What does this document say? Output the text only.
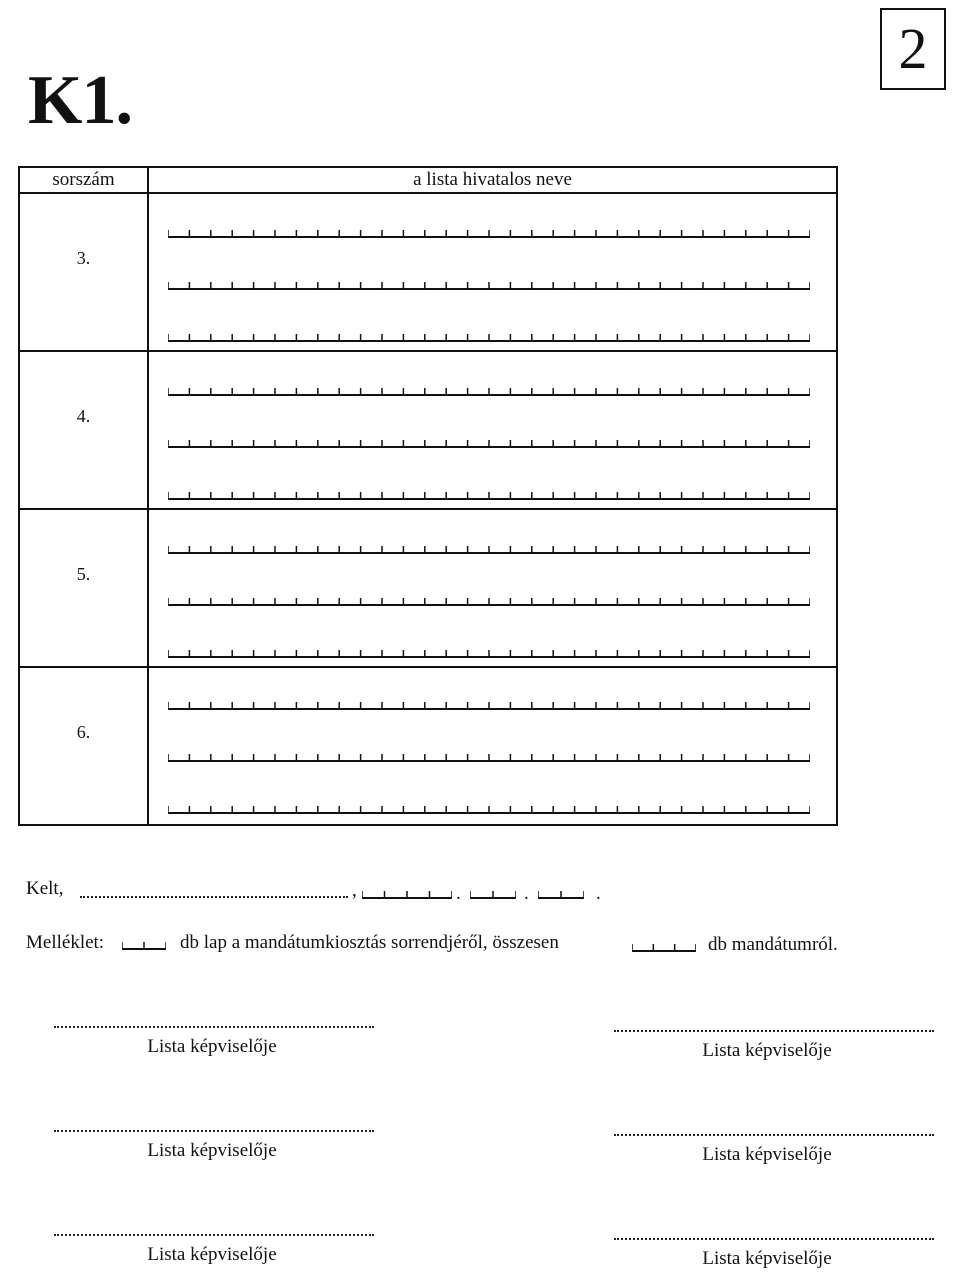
K1.
2
sorszám	a lista hivatalos neve
3.
4.
5.
6.
Kelt,	,	.	.	.
Melléklet:	db lap a mandátumkiosztás sorrendjéről, összesen	db mandátumról.
Lista képviselője	Lista képviselője
Lista képviselője	Lista képviselője
Lista képviselője	Lista képviselője
